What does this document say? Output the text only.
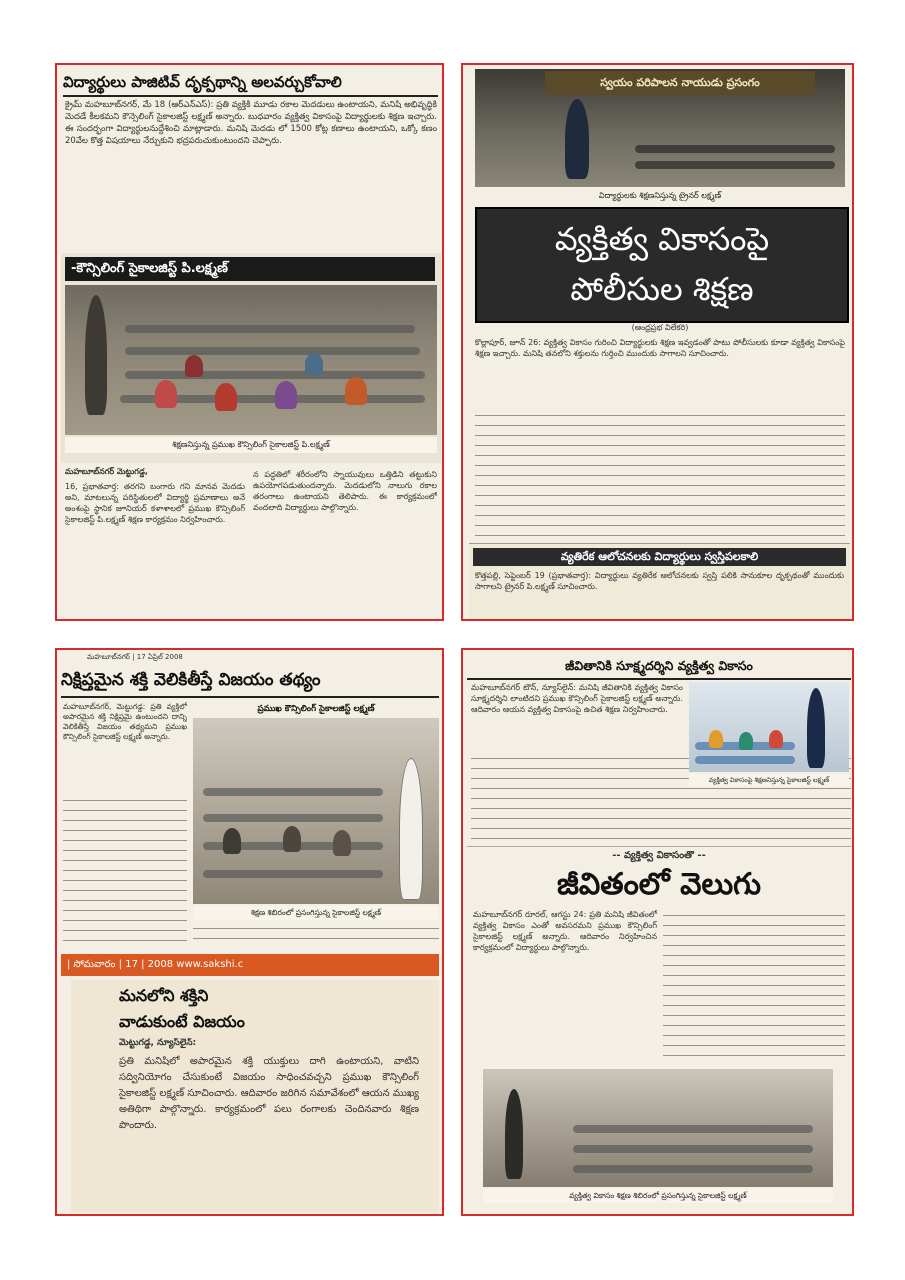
విద్యార్థులు పాజిటివ్ దృక్పథాన్ని అలవర్చుకోవాలి
క్రైమ్ మహబూబ్‌నగర్, మే 18 (ఆర్‌ఎన్‌ఎస్): ప్రతి వ్యక్తికి మూడు రకాల మెదడులు ఉంటాయని, మనిషి అభివృద్ధికి మెదడే కీలకమని కౌన్సెలింగ్ సైకాలజిస్ట్ లక్ష్మణ్ అన్నారు. బుధవారం వ్యక్తిత్వ వికాసంపై విద్యార్థులకు శిక్షణ ఇచ్చారు. ఈ సందర్భంగా విద్యార్థులనుద్దేశించి మాట్లాడారు. మనిషి మెదడు లో 1500 కోట్ల కణాలు ఉంటాయని, ఒక్కో కణం 20వేల కొత్త విషయాలు నేర్చుకుని భద్రపరుచుకుంటుందని చెప్పారు.
-కౌన్సిలింగ్ సైకాలజిస్ట్ పి.లక్ష్మణ్
శిక్షణనిస్తున్న ప్రముఖ కౌన్సిలింగ్ సైకాలజిస్ట్ పి.లక్ష్మణ్
మహబూబ్‌నగర్ మెట్టుగడ్డ,
16, ప్రభాతవార్త: తరగని బంగారు గని మానవ మెదడు అని, మాటలున్న పరిస్థితులలో విద్యార్థి ప్రమాణాలు అనే అంశంపై స్థానిక జూనియర్ కళాశాలలో ప్రముఖ కౌన్సిలింగ్ సైకాలజిస్ట్ పి.లక్ష్మణ్ శిక్షణ కార్యక్రమం నిర్వహించారు.
న పద్ధతిలో శరీరంలోని స్నాయువులు ఒత్తిడిని తట్టుకుని ఉపయోగపడుతుందన్నారు. మెదడులోని నాలుగు రకాల తరంగాలు ఉంటాయని తెలిపారు. ఈ కార్యక్రమంలో వందలాది విద్యార్థులు పాల్గొన్నారు.
స్వయం పరిపాలన నాయుడు ప్రసంగం
విద్యార్థులకు శిక్షణనిస్తున్న ట్రైనర్ లక్ష్మణ్
వ్యక్తిత్వ వికాసంపై
పోలీసుల శిక్షణ
(ఆంధ్రప్రభ విలేకరి)
కొల్లాపూర్, జూన్ 26: వ్యక్తిత్వ వికాసం గురించి విద్యార్థులకు శిక్షణ ఇవ్వడంతో పాటు పోలీసులకు కూడా వ్యక్తిత్వ వికాసంపై శిక్షణ ఇచ్చారు. మనిషి తనలోని శక్తులను గుర్తించి ముందుకు సాగాలని సూచించారు.
వ్యతిరేక ఆలోచనలకు విద్యార్థులు స్వస్తిపలకాలి
కొత్తపల్లి, సెప్టెంబర్ 19 (ప్రభాతవార్త): విద్యార్థులు వ్యతిరేక ఆలోచనలకు స్వస్తి పలికి సానుకూల దృక్పథంతో ముందుకు సాగాలని ట్రైనర్ పి.లక్ష్మణ్ సూచించారు.
మహబూబ్‌నగర్ | 17 ఏప్రిల్ 2008
నిక్షిప్తమైన శక్తి వెలికితీస్తే విజయం తథ్యం
మహబూబ్‌నగర్, మెట్టుగడ్డ: ప్రతి వ్యక్తిలో అపారమైన శక్తి నిక్షిప్తమై ఉంటుందని దాన్ని వెలికితీస్తే విజయం తథ్యమని ప్రముఖ కౌన్సిలింగ్ సైకాలజిస్ట్ లక్ష్మణ్ అన్నారు.
ప్రముఖ కౌన్సిలింగ్ సైకాలజిస్ట్ లక్ష్మణ్
శిక్షణ శిబిరంలో ప్రసంగిస్తున్న సైకాలజిస్ట్ లక్ష్మణ్
| సోమవారం | 17 | 2008 www.sakshi.c
మనలోని శక్తిని
వాడుకుంటే విజయం
మెట్టుగడ్డ, న్యూస్‌లైన్:
ప్రతి మనిషిలో అపారమైన శక్తి యుక్తులు దాగి ఉంటాయని, వాటిని సద్వినియోగం చేసుకుంటే విజయం సాధించవచ్చని ప్రముఖ కౌన్సిలింగ్ సైకాలజిస్ట్ లక్ష్మణ్ సూచించారు. ఆదివారం జరిగిన సమావేశంలో ఆయన ముఖ్య అతిథిగా పాల్గొన్నారు. కార్యక్రమంలో పలు రంగాలకు చెందినవారు శిక్షణ పొందారు.
జీవితానికి సూక్ష్మదర్శిని వ్యక్తిత్వ వికాసం
మహబూబ్‌నగర్ టౌన్, న్యూస్‌లైన్: మనిషి జీవితానికి వ్యక్తిత్వ వికాసం సూక్ష్మదర్శిని లాంటిదని ప్రముఖ కౌన్సిలింగ్ సైకాలజిస్ట్ లక్ష్మణ్ అన్నారు. ఆదివారం ఆయన వ్యక్తిత్వ వికాసంపై ఉచిత శిక్షణ నిర్వహించారు.
వ్యక్తిత్వ వికాసంపై శిక్షణనిస్తున్న సైకాలజిస్ట్ లక్ష్మణ్
-- వ్యక్తిత్వ వికాసంతో --
జీవితంలో వెలుగు
మహబూబ్‌నగర్ రూరల్, ఆగస్టు 24: ప్రతి మనిషి జీవితంలో వ్యక్తిత్వ వికాసం ఎంతో అవసరమని ప్రముఖ కౌన్సిలింగ్ సైకాలజిస్ట్ లక్ష్మణ్ అన్నారు. ఆదివారం నిర్వహించిన కార్యక్రమంలో విద్యార్థులు పాల్గొన్నారు.
వ్యక్తిత్వ వికాసం శిక్షణ శిబిరంలో ప్రసంగిస్తున్న సైకాలజిస్ట్ లక్ష్మణ్
